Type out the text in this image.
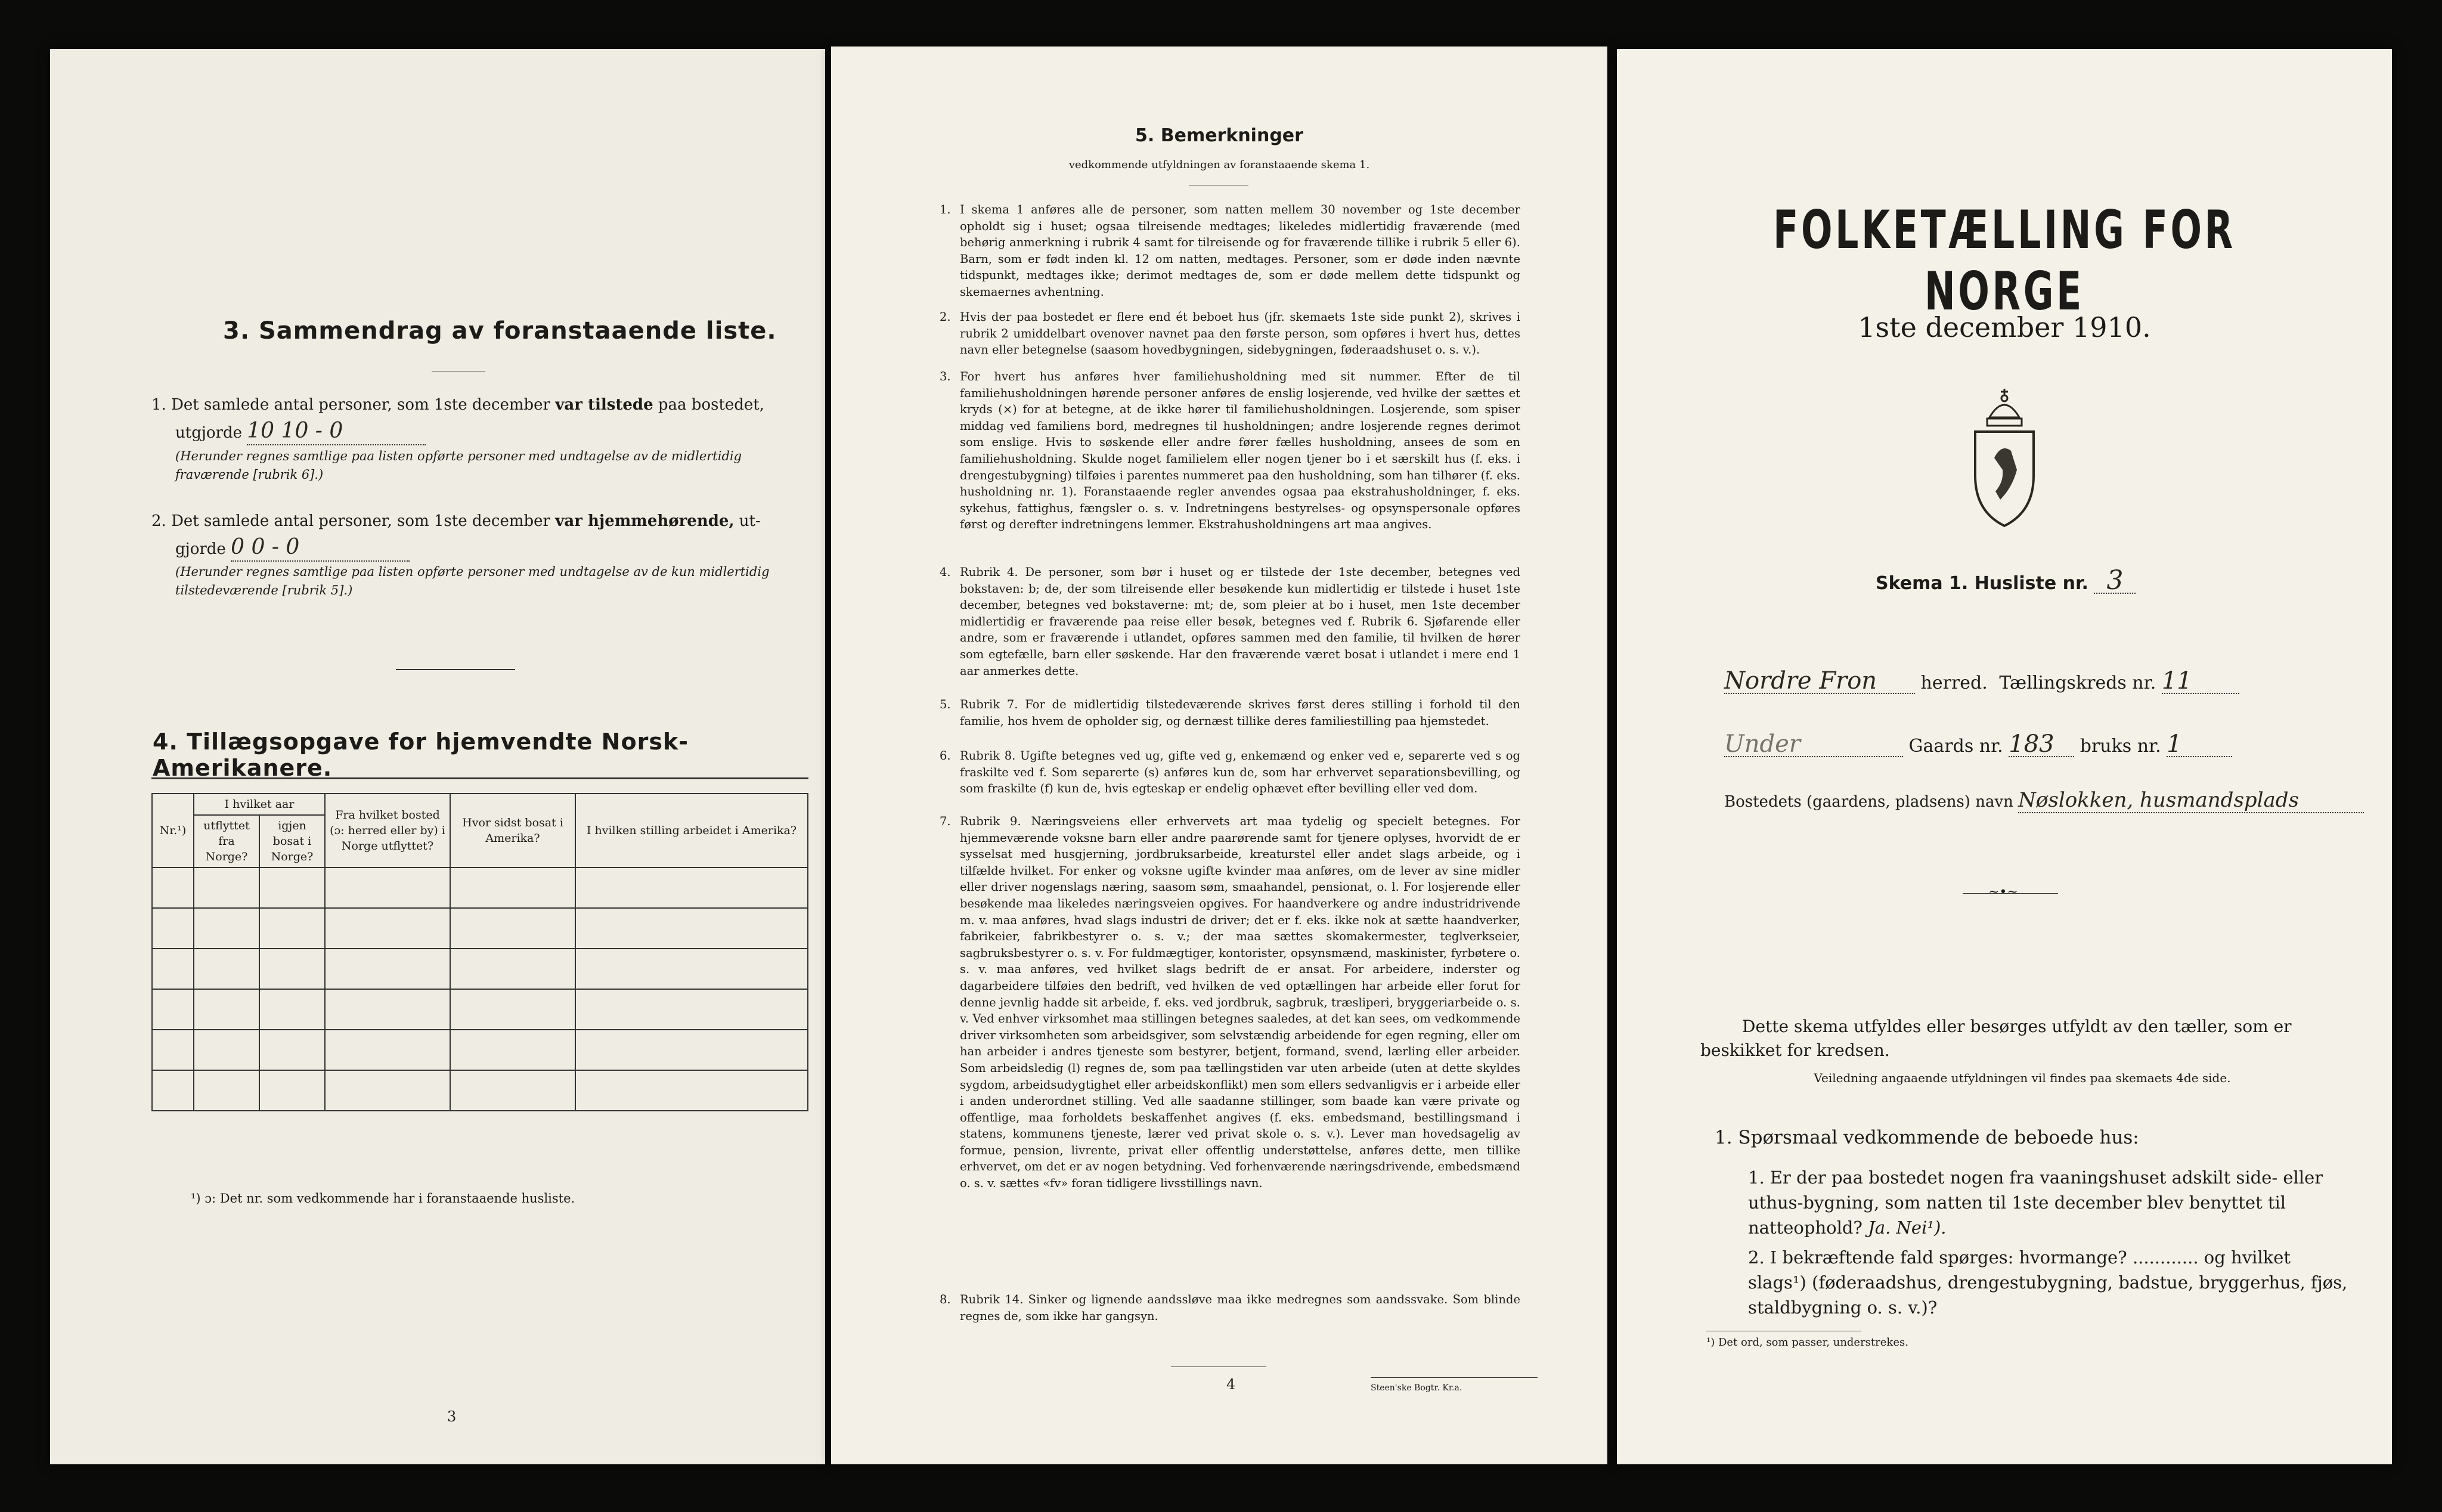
3. Sammendrag av foranstaaende liste.
1. Det samlede antal personer, som 1ste december var tilstede paa bostedet,
utgjorde 10 10 - 0
(Herunder regnes samtlige paa listen opførte personer med undtagelse av de midlertidig fraværende [rubrik 6].)
2. Det samlede antal personer, som 1ste december var hjemmehørende, ut-
gjorde 0 0 - 0
(Herunder regnes samtlige paa listen opførte personer med undtagelse av de kun midlertidig tilstedeværende [rubrik 5].)
4. Tillægsopgave for hjemvendte Norsk-Amerikanere.
Nr.¹)	I hvilket aar		Fra hvilket bosted (ɔ: herred eller by) i Norge utflyttet?	Hvor sidst bosat i Amerika?	I hvilken stilling arbeidet i Amerika?
	utflyttet fra Norge?	igjen bosat i Norge?			

¹) ɔ: Det nr. som vedkommende har i foranstaaende husliste.
3
5. Bemerkninger
vedkommende utfyldningen av foranstaaende skema 1.
1. I skema 1 anføres alle de personer, som natten mellem 30 november og 1ste december opholdt sig i huset; ogsaa tilreisende medtages; likeledes midlertidig fraværende (med behørig anmerkning i rubrik 4 samt for tilreisende og for fraværende tillike i rubrik 5 eller 6). Barn, som er født inden kl. 12 om natten, medtages. Personer, som er døde inden nævnte tidspunkt, medtages ikke; derimot medtages de, som er døde mellem dette tidspunkt og skemaernes avhentning.
2. Hvis der paa bostedet er flere end ét beboet hus (jfr. skemaets 1ste side punkt 2), skrives i rubrik 2 umiddelbart ovenover navnet paa den første person, som opføres i hvert hus, dettes navn eller betegnelse (saasom hovedbygningen, sidebygningen, føderaadshuset o. s. v.).
3. For hvert hus anføres hver familiehusholdning med sit nummer. Efter de til familiehusholdningen hørende personer anføres de enslig losjerende, ved hvilke der sættes et kryds (×) for at betegne, at de ikke hører til familiehusholdningen. Losjerende, som spiser middag ved familiens bord, medregnes til husholdningen; andre losjerende regnes derimot som enslige. Hvis to søskende eller andre fører fælles husholdning, ansees de som en familiehusholdning. Skulde noget familielem eller nogen tjener bo i et særskilt hus (f. eks. i drengestubygning) tilføies i parentes nummeret paa den husholdning, som han tilhører (f. eks. husholdning nr. 1). Foranstaaende regler anvendes ogsaa paa ekstrahusholdninger, f. eks. sykehus, fattighus, fængsler o. s. v. Indretningens bestyrelses- og opsynspersonale opføres først og derefter indretningens lemmer. Ekstrahusholdningens art maa angives.
4. Rubrik 4. De personer, som bør i huset og er tilstede der 1ste december, betegnes ved bokstaven: b; de, der som tilreisende eller besøkende kun midlertidig er tilstede i huset 1ste december, betegnes ved bokstaverne: mt; de, som pleier at bo i huset, men 1ste december midlertidig er fraværende paa reise eller besøk, betegnes ved f. Rubrik 6. Sjøfarende eller andre, som er fraværende i utlandet, opføres sammen med den familie, til hvilken de hører som egtefælle, barn eller søskende. Har den fraværende været bosat i utlandet i mere end 1 aar anmerkes dette.
5. Rubrik 7. For de midlertidig tilstedeværende skrives først deres stilling i forhold til den familie, hos hvem de opholder sig, og dernæst tillike deres familiestilling paa hjemstedet.
6. Rubrik 8. Ugifte betegnes ved ug, gifte ved g, enkemænd og enker ved e, separerte ved s og fraskilte ved f. Som separerte (s) anføres kun de, som har erhvervet separationsbevilling, og som fraskilte (f) kun de, hvis egteskap er endelig ophævet efter bevilling eller ved dom.
7. Rubrik 9. Næringsveiens eller erhvervets art maa tydelig og specielt betegnes. For hjemmeværende voksne barn eller andre paarørende samt for tjenere oplyses, hvorvidt de er sysselsat med husgjerning, jordbruksarbeide, kreaturstel eller andet slags arbeide, og i tilfælde hvilket. For enker og voksne ugifte kvinder maa anføres, om de lever av sine midler eller driver nogenslags næring, saasom søm, smaahandel, pensionat, o. l. For losjerende eller besøkende maa likeledes næringsveien opgives. For haandverkere og andre industridrivende m. v. maa anføres, hvad slags industri de driver; det er f. eks. ikke nok at sætte haandverker, fabrikeier, fabrikbestyrer o. s. v.; der maa sættes skomakermester, teglverkseier, sagbruksbestyrer o. s. v. For fuldmægtiger, kontorister, opsynsmænd, maskinister, fyrbøtere o. s. v. maa anføres, ved hvilket slags bedrift de er ansat. For arbeidere, inderster og dagarbeidere tilføies den bedrift, ved hvilken de ved optællingen har arbeide eller forut for denne jevnlig hadde sit arbeide, f. eks. ved jordbruk, sagbruk, træsliperi, bryggeriarbeide o. s. v. Ved enhver virksomhet maa stillingen betegnes saaledes, at det kan sees, om vedkommende driver virksomheten som arbeidsgiver, som selvstændig arbeidende for egen regning, eller om han arbeider i andres tjeneste som bestyrer, betjent, formand, svend, lærling eller arbeider. Som arbeidsledig (l) regnes de, som paa tællingstiden var uten arbeide (uten at dette skyldes sygdom, arbeidsudygtighet eller arbeidskonflikt) men som ellers sedvanligvis er i arbeide eller i anden underordnet stilling. Ved alle saadanne stillinger, som baade kan være private og offentlige, maa forholdets beskaffenhet angives (f. eks. embedsmand, bestillingsmand i statens, kommunens tjeneste, lærer ved privat skole o. s. v.). Lever man hovedsagelig av formue, pension, livrente, privat eller offentlig understøttelse, anføres dette, men tillike erhvervet, om det er av nogen betydning. Ved forhenværende næringsdrivende, embedsmænd o. s. v. sættes «fv» foran tidligere livsstillings navn.
8. Rubrik 14. Sinker og lignende aandssløve maa ikke medregnes som aandssvake. Som blinde regnes de, som ikke har gangsyn.
4	Steen'ske Bogtr. Kr.a.
FOLKETÆLLING FOR NORGE
1ste december 1910.
Skema 1. Husliste nr. 3
Nordre Fron herred. Tællingskreds nr. 11
Under	Gaards nr. 183 bruks nr. 1
Bostedets (gaardens, pladsens) navn Nøslokken, husmandsplads
~•~
Dette skema utfyldes eller besørges utfyldt av den tæller, som er beskikket for kredsen.
Veiledning angaaende utfyldningen vil findes paa skemaets 4de side.
1. Spørsmaal vedkommende de beboede hus:
1. Er der paa bostedet nogen fra vaaningshuset adskilt side- eller uthus-bygning, som natten til 1ste december blev benyttet til natteophold? Ja. Nei¹).
2. I bekræftende fald spørges: hvormange? ............ og hvilket slags¹) (føderaadshus, drengestubygning, badstue, bryggerhus, fjøs, staldbygning o. s. v.)?
¹) Det ord, som passer, understrekes.
